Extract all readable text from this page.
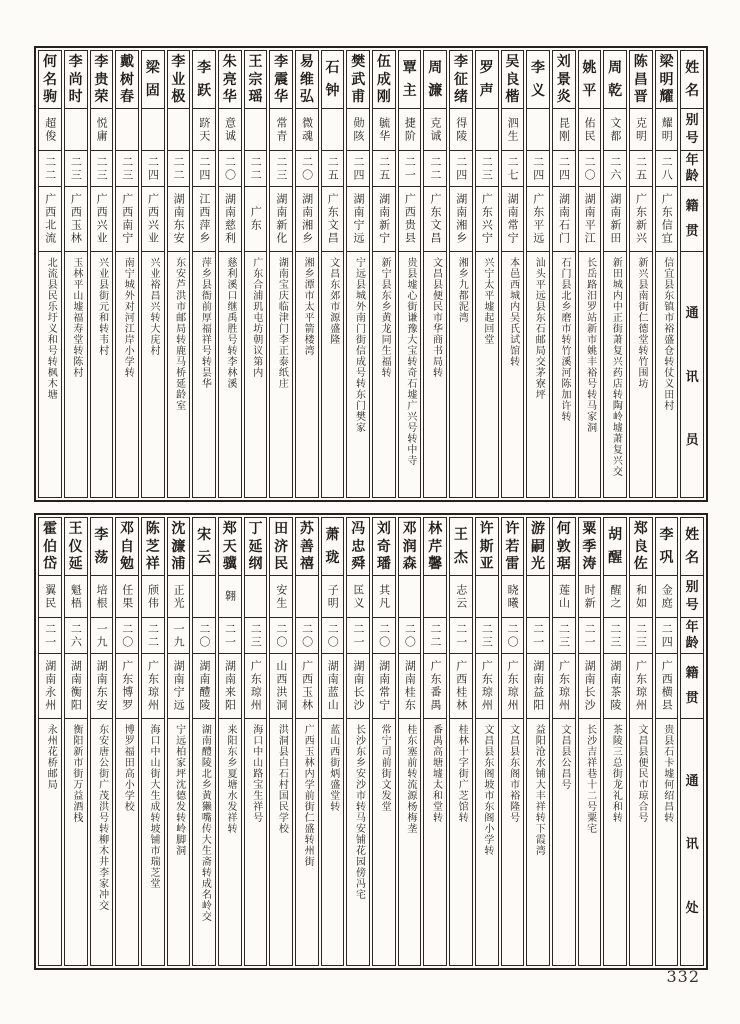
姓
名
别
号
年
龄
籍
贯
通
讯
员
梁
明
耀
耀明
二八
广东信宜
信宜县东镇市裕盛仓转仗义田村
陈
昌
晋
克明
二五
广东新兴
新兴县南街仁德堂转竹围坊
周
乾
文都
二六
湖南新田
新田城内中正街萧复兴药店转陶岭墟萧复兴交
姚
平
佑民
二〇
湖南平江
长岳路汨罗站新市姚丰裕号转马家洞
刘
景
炎
昆刚
二四
湖南石门
石门县北乡磨市转竹溪河陈加许转
李
义
二四
广东平远
汕头平远县东石邮局交茅寮坪
吴
良
楷
泗生
二七
湖南常宁
本邑西城内吴氏试馆转
罗
声
二三
广东兴宁
兴宁太平墟起回堂
李
征
绪
得陵
二四
湖南湘乡
湘乡九都泥湾
周
濂
克诚
二二
广东文昌
文昌县便民市华商书局转
覃
主
捷阶
二一
广西贵县
贵县墟心街谦豫大宝转奇石墟广兴号转中寺
伍
成
刚
毓华
二五
湖南新宁
新宁县东乡黄龙同生福转
樊
武
甫
勋陔
二四
湖南宁远
宁远县城外南门街信成号转东门樊家
石
钟
二五
广东文昌
文昌东郊市源盛隆
易
维
弘
微魂
二〇
湖南湘乡
湘乡潭市太平箭楼湾
李
震
华
常青
二三
湖南新化
湖南宝庆临津门李正泰纸庄
王
宗
瑶
二二
广东
广东合浦玑屯坊朝议第内
朱
亮
华
意诚
二〇
湖南慈利
慈利溪口继禹胜号转李林溪
李
跃
跻天
二四
江西萍乡
萍乡县衙前厚福祥号转昙华
李
业
极
二二
湖南东安
东安芦洪市邮局转鹿马桥延龄室
梁
固
二四
广西兴业
兴业裕昌兴转大庑村
戴
树
春
二三
广西南宁
南宁城外对河江岸小学转
李
贵
荣
悦庸
二三
广西兴业
兴业县街元和转韦村
李
尚
时
二三
广西玉林
玉林平山墟福寿堂转陈村
何
名
驹
超俊
二二
广西北流
北流县民乐圩义和号转枫木塘
姓
名
别
号
年
龄
籍
贯
通
讯
处
李
巩
金庭
二四
广西横县
贵县石卡墟何绍昌转
郑
良
佐
和如
二三
广东琼州
文昌县便民市琼合号
胡
醒
醒之
二三
湖南茶陵
茶陵三总街龙礼和转
粟
季
涛
时新
二一
湖南长沙
长沙吉祥巷十二号粟宅
何
敦
琚
莲山
二三
广东琼州
文昌县公昌号
游
嗣
光
二一
湖南益阳
益阳沧水铺大丰祥转下霞湾
许
若
雷
晓曦
二〇
广东琼州
文昌县东阁市裕隆号
许
斯
亚
二三
广东琼州
文昌县东阁坡市东阁小学转
王
杰
志云
二一
广西桂林
桂林十字街广芝馆转
林
芹
馨
二二
广东番禺
番禺高塘墟太和堂转
邓
润
森
二〇
湖南桂东
桂东塞前转流源杨梅垄
刘
奇
璠
其凡
二〇
湖南常宁
常宁司前街文发堂
冯
忠
舜
匡义
二一
湖南长沙
长沙东乡安沙市转马安铺花园傍冯宅
萧
珑
子明
二〇
湖南蓝山
蓝山西街炳盛堂转
苏
善
禧
二〇
广西玉林
广西玉林内学前街仁盛转州街
田
济
民
安生
二〇
山西洪洞
洪洞县白石村国民学校
丁
延
纲
二三
广东琼州
海口中山路宝生祥号
郑
天
骥
翱
二一
湖南来阳
来阳东乡夏塘水发祥转
宋
云
二〇
湖南醴陵
湖南醴陵北乡黄獭嘴传大生斋转成名岭交
沈
濂
浦
正光
一九
湖南宁远
宁远柏家坪沈德发转岭脚洞
陈
芝
祥
颀伟
二二
广东琼州
海口中山街大生成转坡铺市瑞芝堂
邓
自
勉
任果
二〇
广东博罗
博罗福田高小学校
李
荡
培根
一九
湖南东安
东安唐公街广茂洪号转柳木井李家冲交
王
仪
延
魁梧
二六
湖南衡阳
衡阳新市街万益酒栈
霍
伯
岱
翼民
二一
湖南永州
永州花桥邮局
332
